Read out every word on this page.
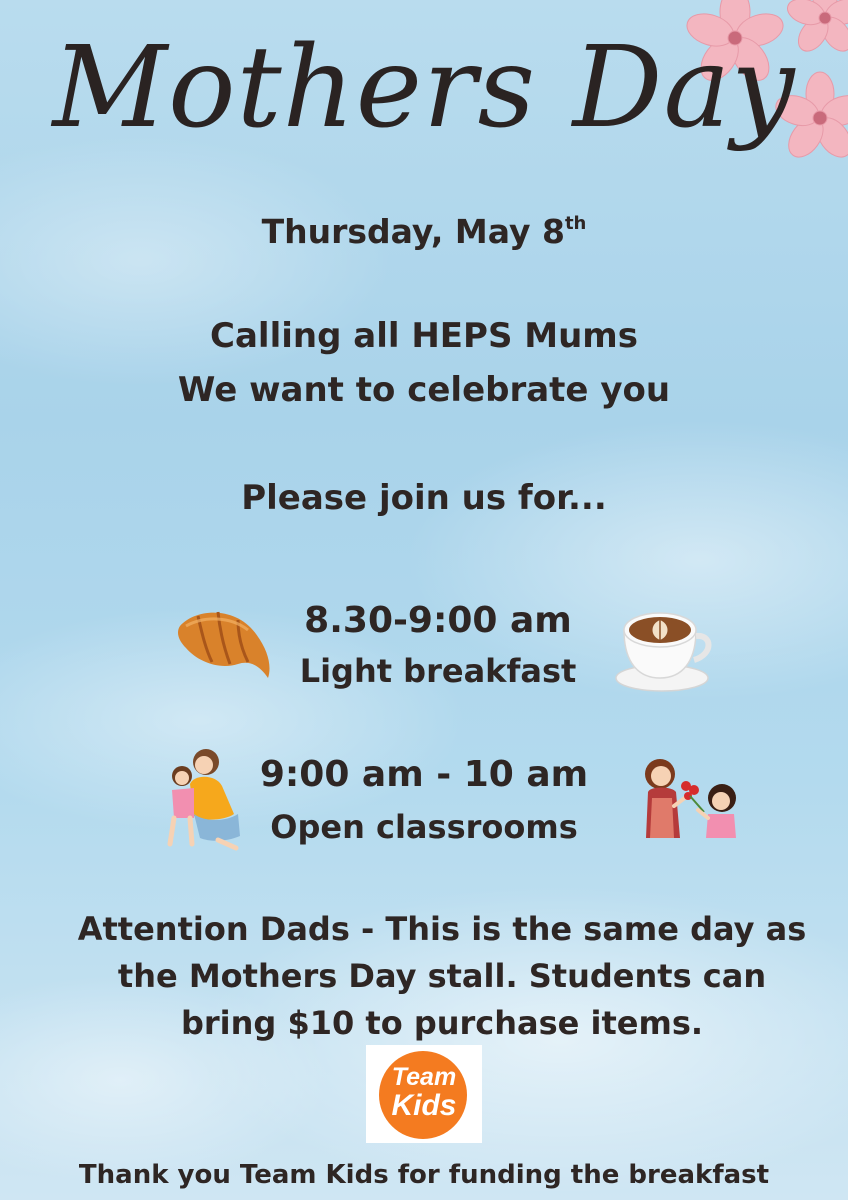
Mothers Day
Thursday, May 8th
Calling all HEPS Mums
We want to celebrate you
Please join us for...
8.30-9:00 am
Light breakfast
9:00 am - 10 am
Open classrooms
Attention Dads - This is the same day as the Mothers Day stall. Students can bring $10 to purchase items.
Team
Kids
Thank you Team Kids for funding the breakfast
